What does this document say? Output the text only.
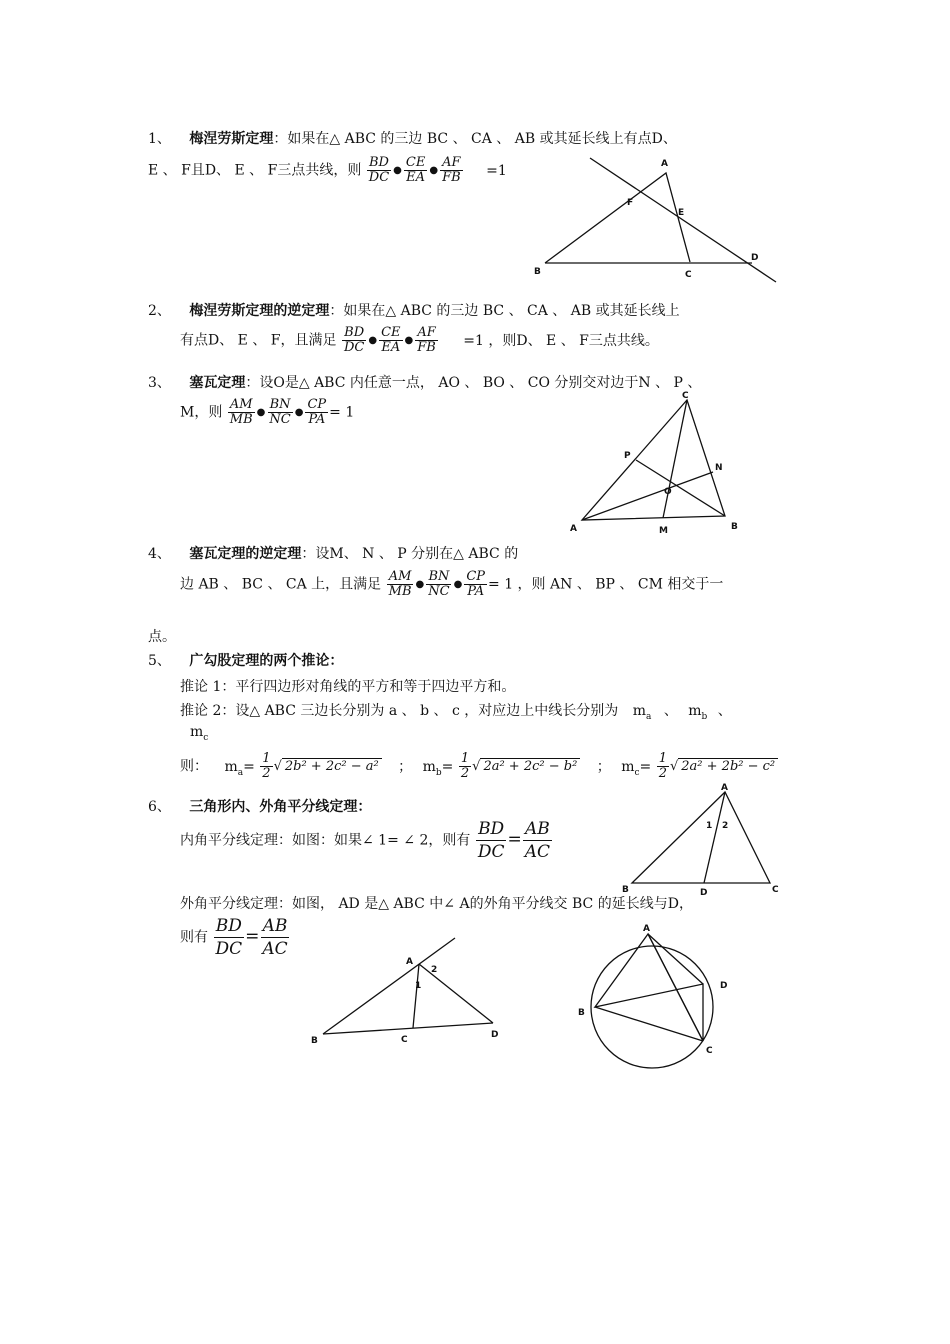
1、 梅涅劳斯定理：如果在△ ABC 的三边 BC 、 CA 、 AB 或其延长线上有点D、
E 、 F且D、 E 、 F三点共线，则 $\frac{BD}{DC}$ ● $\frac{CE}{EA}$ ● $\frac{AF}{FB} =1$	A
B	C
D
E
F
2、 梅涅劳斯定理的逆定理：如果在△ ABC 的三边 BC 、 CA 、 AB 或其延长线上
有点D、 E 、 F，且满足 $\frac{BD}{DC}$ ● $\frac{CE}{EA}$ ● $\frac{AF}{FB} =1$ ，则D、 E 、 F三点共线。
3、 塞瓦定理：设O是△ ABC 内任意一点， AO 、 BO 、 CO 分别交对边于N 、 P 、
M，则 $\frac{AM}{MB}$ ● $\frac{BN}{NC}$ ● $\frac{CP}{PA} = 1$
C
A	B
M
N
O
P
4、 塞瓦定理的逆定理：设M、 N 、 P 分别在△ ABC 的
边 AB 、 BC 、 CA 上，且满足 $\frac{AM}{MB}$ ● $\frac{BN}{NC}$ ● $\frac{CP}{PA} = 1$ ，则 AN 、 BP 、 CM 相交于一
点。
5、 广勾股定理的两个推论：
推论 1：平行四边形对角线的平方和等于四边平方和。
推论 2：设△ ABC 三边长分别为 a 、 b 、 c ，对应边上中线长分别为 $m_a$ 、 $m_b$ 、
$m_c$
则： $m_a= \frac{1}{2}$ √ 2b² + 2c² − a² ； $m_b= \frac{1}{2}$ √ 2a² + 2c² − b² ； $m_c= \frac{1}{2}$ √ 2a² + 2b² − c²
6、 三角形内、外角平分线定理：
内角平分线定理：如图：如果∠ 1= ∠ 2，则有 $\frac{BD}{DC} = \frac{AB}{AC}$
A
B	D	C
1 2
外角平分线定理：如图， AD 是△ ABC 中∠ A的外角平分线交 BC 的延长线与D，
则有 $\frac{BD}{DC} = \frac{AB}{AC}$
A
B	C	D
1
2
A
B
C
D
